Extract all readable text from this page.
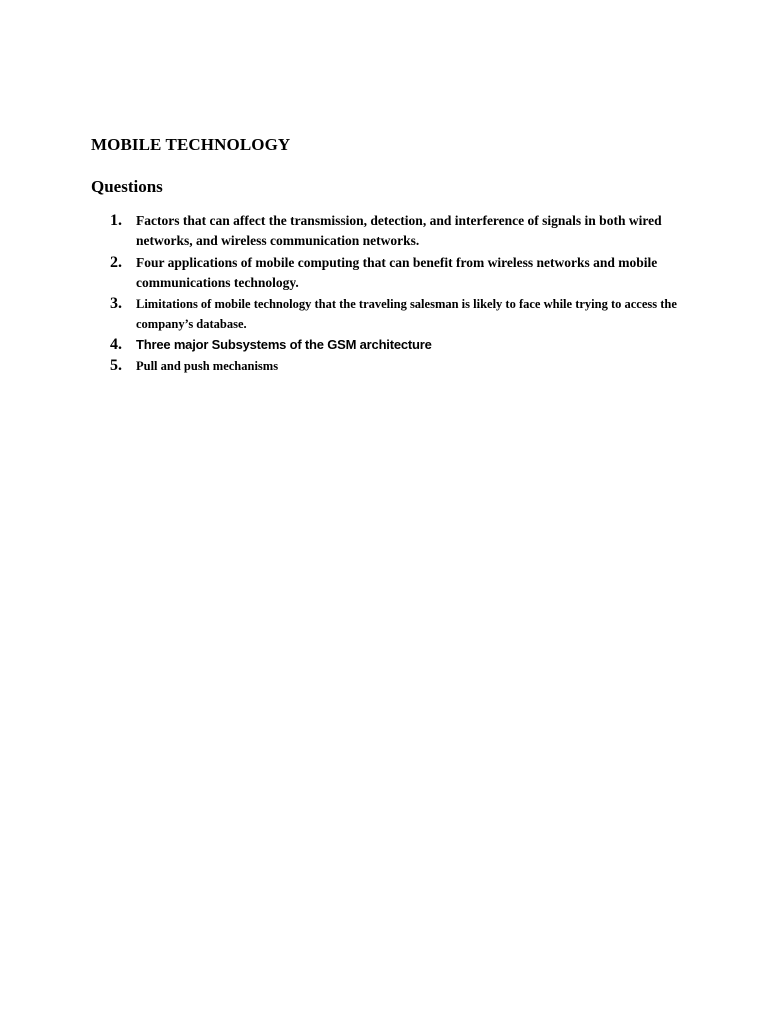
MOBILE TECHNOLOGY
Questions
1.	Factors that can affect the transmission, detection, and interference of signals in both wired networks, and wireless communication networks.
2.	Four applications of mobile computing that can benefit from wireless networks and mobile communications technology.
3.	Limitations of mobile technology that the traveling salesman is likely to face while trying to access the company’s database.
4.	Three major Subsystems of the GSM architecture
5.	Pull and push mechanisms
